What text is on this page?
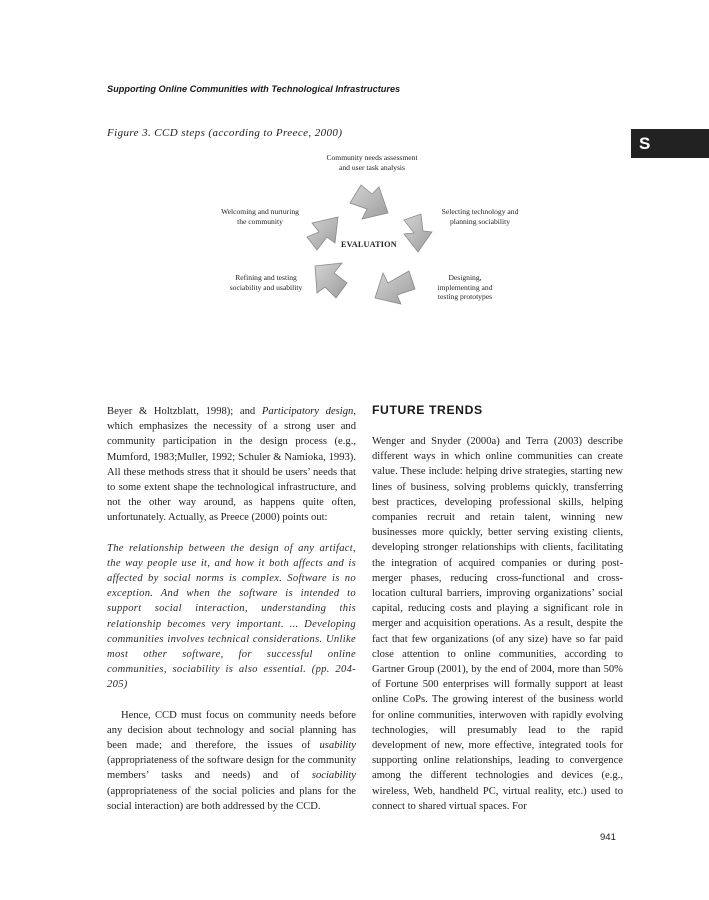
Supporting Online Communities with Technological Infrastructures
S
Figure 3. CCD steps (according to Preece, 2000)
Community needs assessment
and user task analysis
Selecting technology and
planning sociability
Designing,
implementing and
testing prototypes
Refining and testing
sociability and usability
Welcoming and nurturing
the community
EVALUATION

Beyer & Holtzblatt, 1998); and Participatory design, which emphasizes the necessity of a strong user and community participation in the design process (e.g., Mumford, 1983;Muller, 1992; Schuler & Namioka, 1993). All these methods stress that it should be users’ needs that to some extent shape the technological infrastructure, and not the other way around, as happens quite often, unfortunately. Actually, as Preece (2000) points out:

The relationship between the design of any artifact, the way people use it, and how it both affects and is affected by social norms is complex. Software is no exception. And when the software is intended to support social interaction, understanding this relationship becomes very important. ... Developing communities involves technical considerations. Unlike most other software, for successful online communities, sociability is also essential. (pp. 204-205)

Hence, CCD must focus on community needs before any decision about technology and social planning has been made; and therefore, the issues of usability (appropriateness of the software design for the community members’ tasks and needs) and of sociability (appropriateness of the social policies and plans for the social interaction) are both addressed by the CCD.

FUTURE TRENDS

Wenger and Snyder (2000a) and Terra (2003) describe different ways in which online communities can create value. These include: helping drive strategies, starting new lines of business, solving problems quickly, transferring best practices, developing professional skills, helping companies recruit and retain talent, winning new businesses more quickly, better serving existing clients, developing stronger relationships with clients, facilitating the integration of acquired companies or during post-merger phases, reducing cross-functional and cross-location cultural barriers, improving organizations’ social capital, reducing costs and playing a significant role in merger and acquisition operations. As a result, despite the fact that few organizations (of any size) have so far paid close attention to online communities, according to Gartner Group (2001), by the end of 2004, more than 50% of Fortune 500 enterprises will formally support at least online CoPs. The growing interest of the business world for online communities, interwoven with rapidly evolving technologies, will presumably lead to the rapid development of new, more effective, integrated tools for supporting online relationships, leading to convergence among the different technologies and devices (e.g., wireless, Web, handheld PC, virtual reality, etc.) used to connect to shared virtual spaces. For

941
